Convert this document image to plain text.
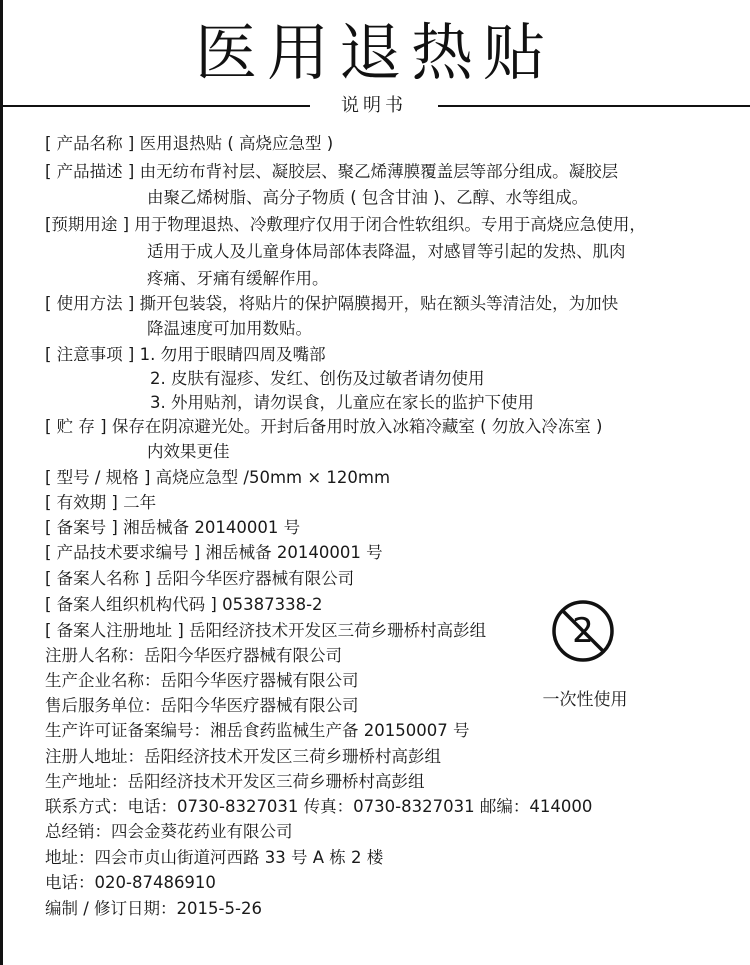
医用退热贴
说明书
[ 产品名称 ] 医用退热贴 ( 高烧应急型 )
[ 产品描述 ] 由无纺布背衬层、凝胶层、聚乙烯薄膜覆盖层等部分组成。凝胶层
由聚乙烯树脂、高分子物质 ( 包含甘油 )、乙醇、水等组成。
[预期用途 ] 用于物理退热、冷敷理疗仅用于闭合性软组织。专用于高烧应急使用，
适用于成人及儿童身体局部体表降温，对感冒等引起的发热、肌肉
疼痛、牙痛有缓解作用。
[ 使用方法 ] 撕开包装袋，将贴片的保护隔膜揭开，贴在额头等清洁处，为加快
降温速度可加用数贴。
[ 注意事项 ] 1. 勿用于眼睛四周及嘴部
2. 皮肤有湿疹、发红、创伤及过敏者请勿使用
3. 外用贴剂，请勿误食，儿童应在家长的监护下使用
[ 贮 存 ] 保存在阴凉避光处。开封后备用时放入冰箱冷藏室 ( 勿放入冷冻室 )
内效果更佳
[ 型号 / 规格 ] 高烧应急型 /50mm × 120mm
[ 有效期 ] 二年
[ 备案号 ] 湘岳械备 20140001 号
[ 产品技术要求编号 ] 湘岳械备 20140001 号
[ 备案人名称 ] 岳阳今华医疗器械有限公司
[ 备案人组织机构代码 ] 05387338-2
[ 备案人注册地址 ] 岳阳经济技术开发区三荷乡珊桥村高彭组
注册人名称：岳阳今华医疗器械有限公司
生产企业名称：岳阳今华医疗器械有限公司
售后服务单位：岳阳今华医疗器械有限公司
生产许可证备案编号：湘岳食药监械生产备 20150007 号
注册人地址：岳阳经济技术开发区三荷乡珊桥村高彭组
生产地址：岳阳经济技术开发区三荷乡珊桥村高彭组
联系方式：电话：0730-8327031 传真：0730-8327031 邮编：414000
总经销：四会金葵花药业有限公司
地址：四会市贞山街道河西路 33 号 A 栋 2 楼
电话：020-87486910
编制 / 修订日期：2015-5-26
2
一次性使用
